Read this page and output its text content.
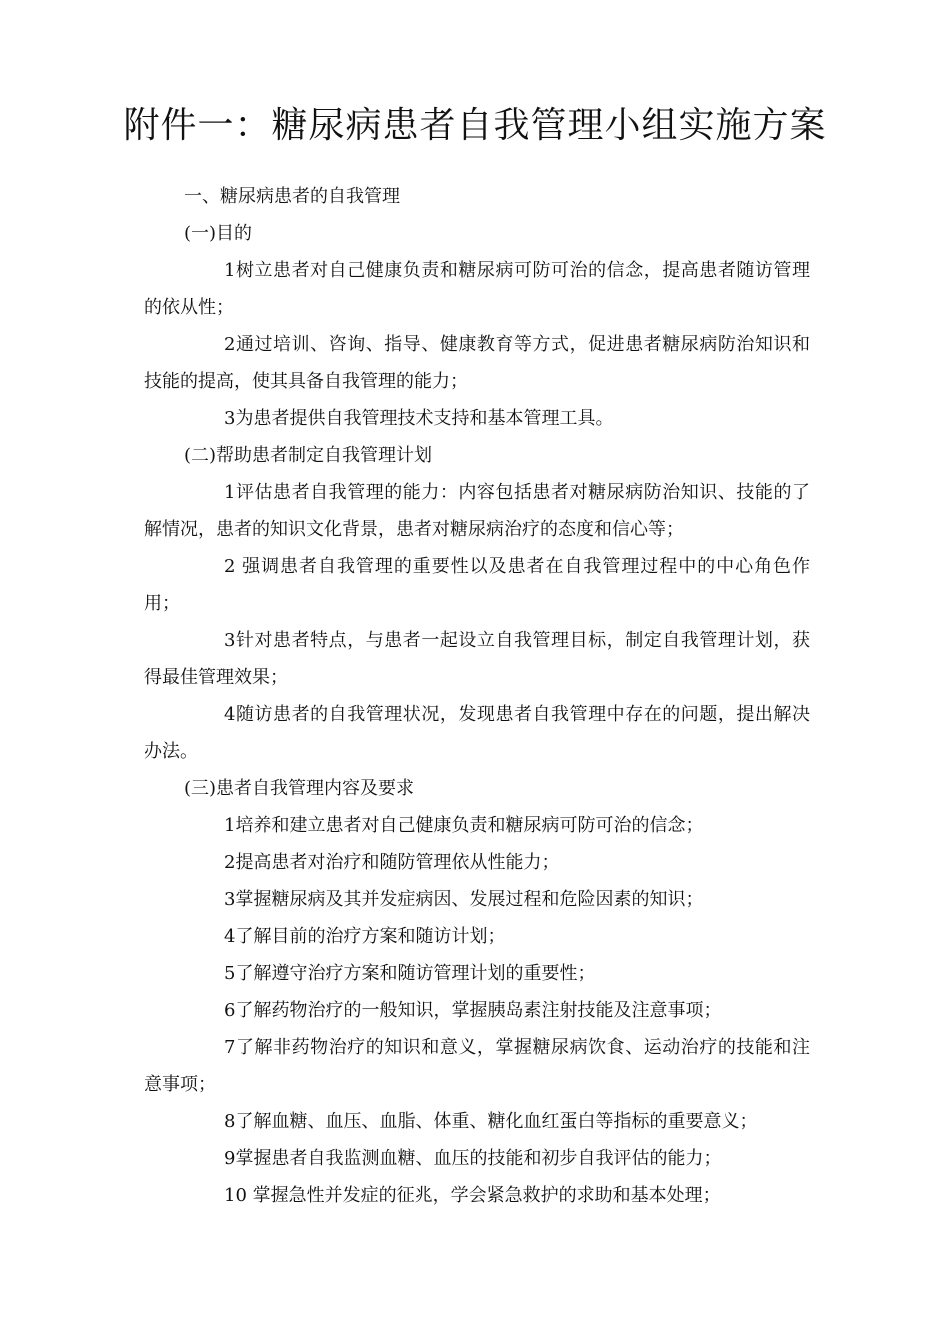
附件一：糖尿病患者自我管理小组实施方案

一、糖尿病患者的自我管理

(一)目的

1树立患者对自己健康负责和糖尿病可防可治的信念，提高患者随访管理的依从性；

2通过培训、咨询、指导、健康教育等方式，促进患者糖尿病防治知识和技能的提高，使其具备自我管理的能力；

3为患者提供自我管理技术支持和基本管理工具。

(二)帮助患者制定自我管理计划

1评估患者自我管理的能力：内容包括患者对糖尿病防治知识、技能的了解情况，患者的知识文化背景，患者对糖尿病治疗的态度和信心等；

2 强调患者自我管理的重要性以及患者在自我管理过程中的中心角色作用；

3针对患者特点，与患者一起设立自我管理目标，制定自我管理计划，获得最佳管理效果；

4随访患者的自我管理状况，发现患者自我管理中存在的问题，提出解决办法。

(三)患者自我管理内容及要求

1培养和建立患者对自己健康负责和糖尿病可防可治的信念；

2提高患者对治疗和随防管理依从性能力；

3掌握糖尿病及其并发症病因、发展过程和危险因素的知识；

4了解目前的治疗方案和随访计划；

5了解遵守治疗方案和随访管理计划的重要性；

6了解药物治疗的一般知识，掌握胰岛素注射技能及注意事项；

7了解非药物治疗的知识和意义，掌握糖尿病饮食、运动治疗的技能和注意事项；

8了解血糖、血压、血脂、体重、糖化血红蛋白等指标的重要意义；

9掌握患者自我监测血糖、血压的技能和初步自我评估的能力；

10 掌握急性并发症的征兆，学会紧急救护的求助和基本处理；
